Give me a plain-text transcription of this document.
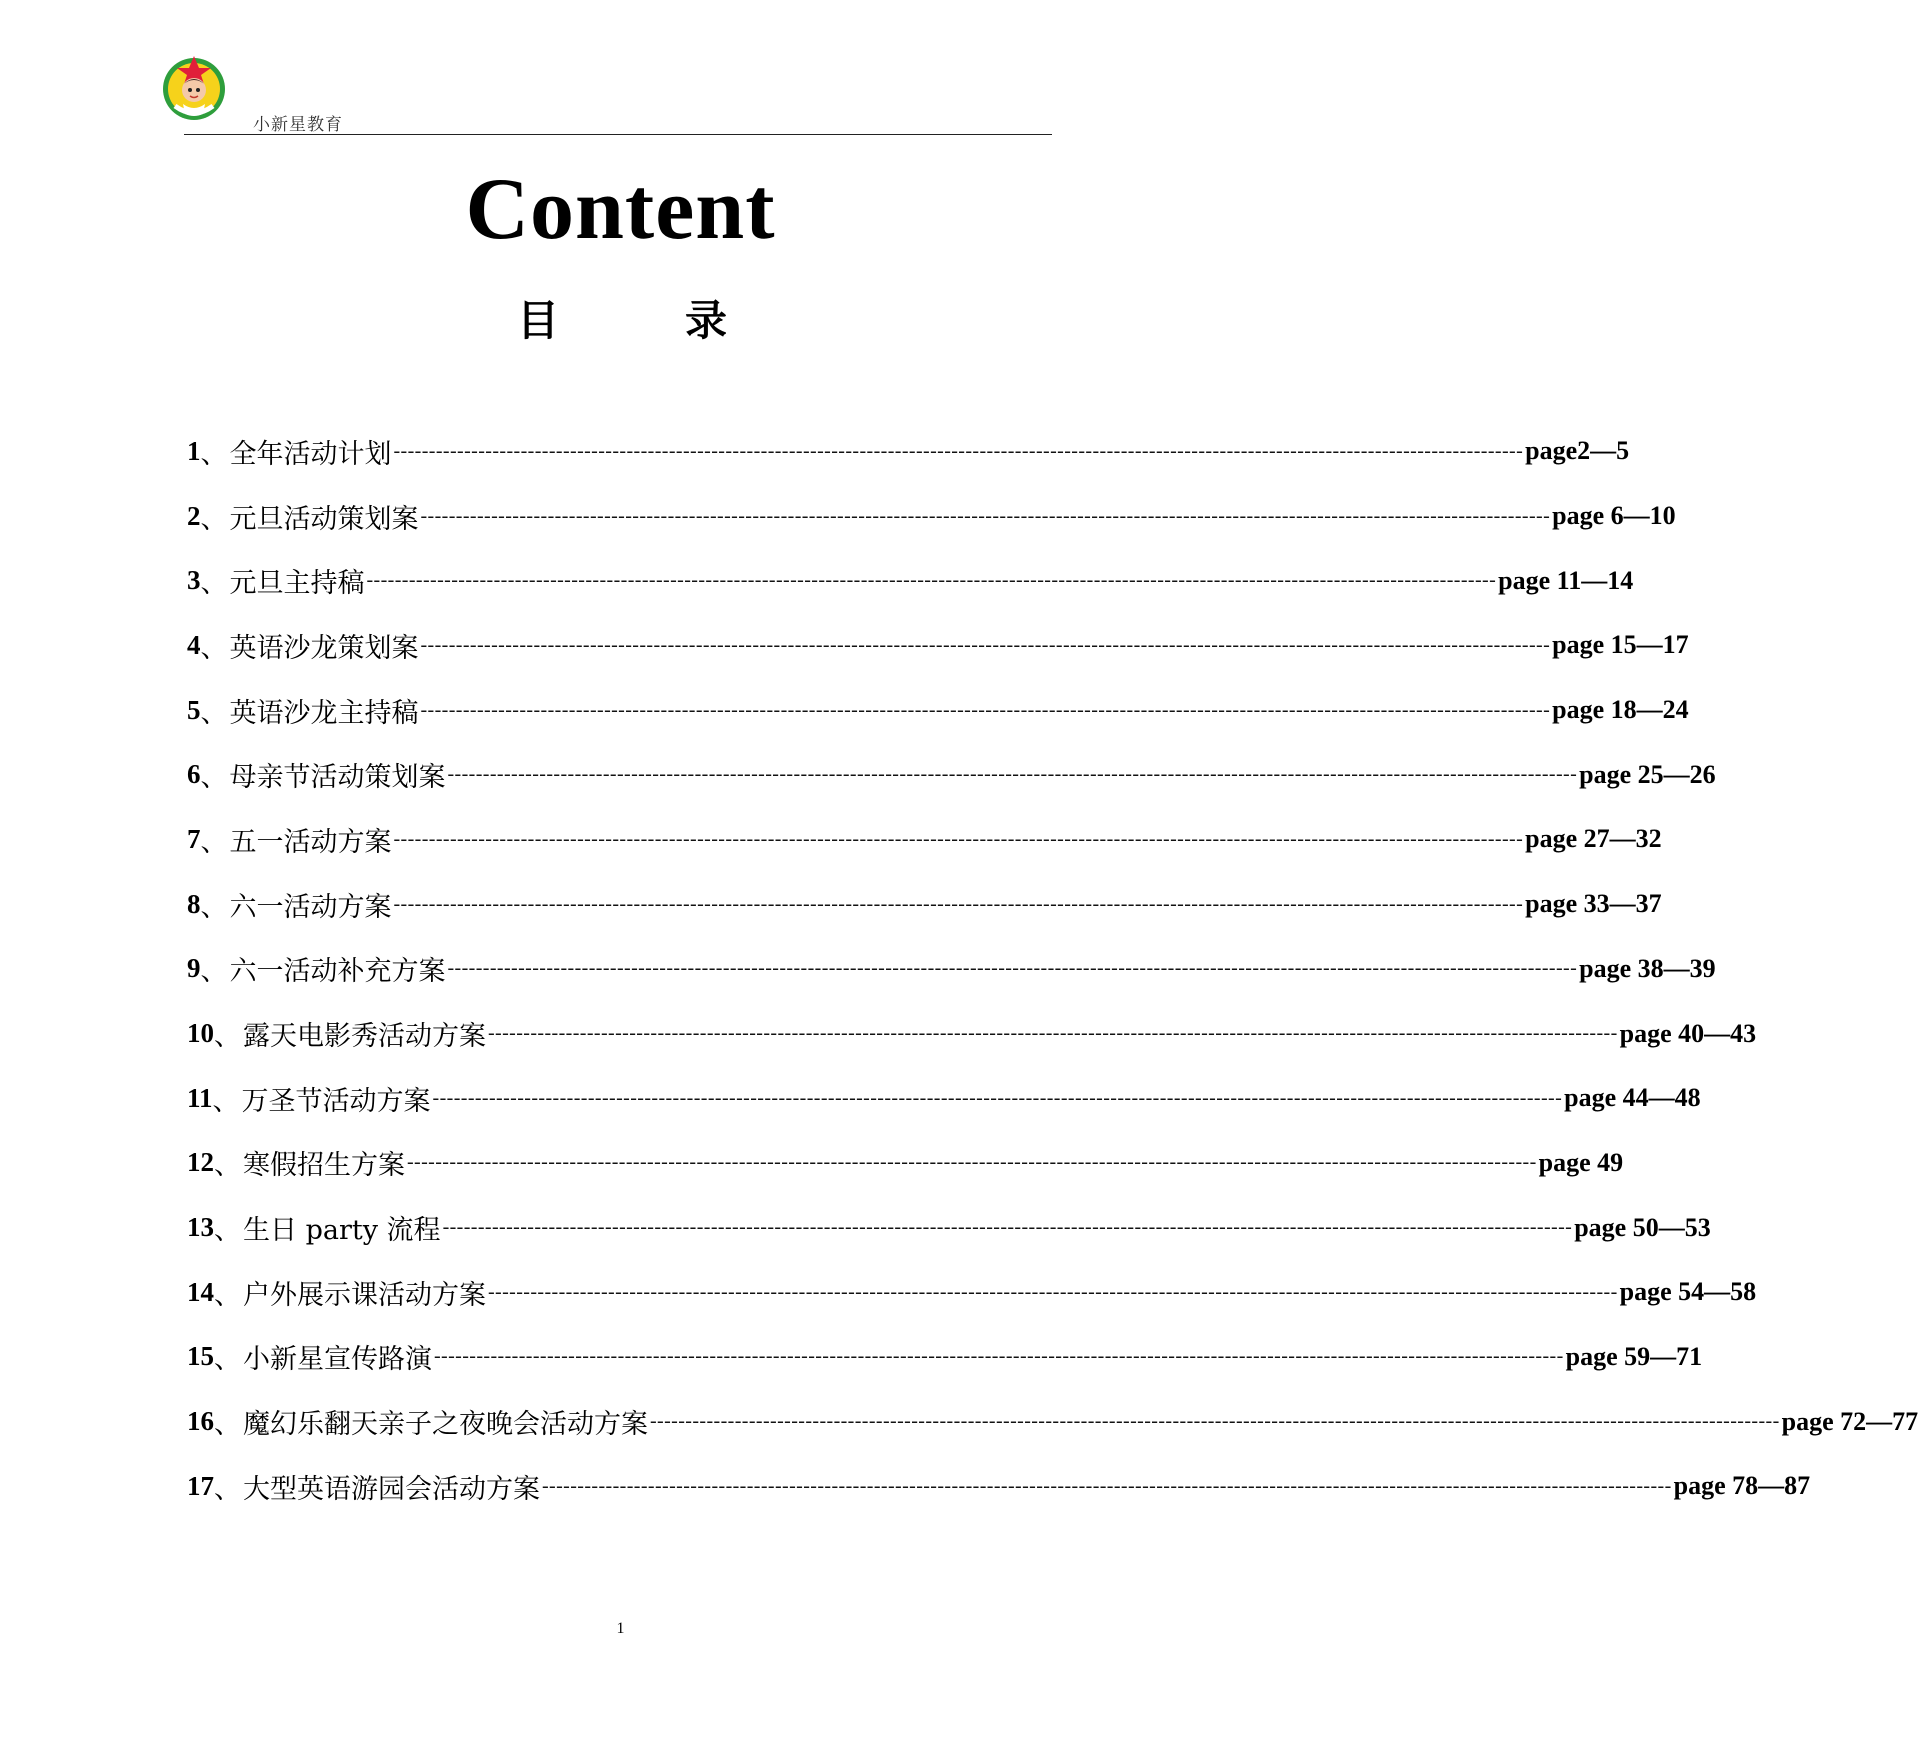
小新星教育
Content
目	录
1 、 全年活动计划 ---------------------------------------------------------------------------------------------------------------------------------------------------------------- page2—5
2 、 元旦活动策划案 ---------------------------------------------------------------------------------------------------------------------------------------------------------------- page 6—10
3 、 元旦主持稿 ---------------------------------------------------------------------------------------------------------------------------------------------------------------- page 11—14
4 、 英语沙龙策划案 ---------------------------------------------------------------------------------------------------------------------------------------------------------------- page 15—17
5 、 英语沙龙主持稿 ---------------------------------------------------------------------------------------------------------------------------------------------------------------- page 18—24
6 、 母亲节活动策划案 ---------------------------------------------------------------------------------------------------------------------------------------------------------------- page 25—26
7 、 五一活动方案 ---------------------------------------------------------------------------------------------------------------------------------------------------------------- page 27—32
8 、 六一活动方案 ---------------------------------------------------------------------------------------------------------------------------------------------------------------- page 33—37
9 、 六一活动补充方案 ---------------------------------------------------------------------------------------------------------------------------------------------------------------- page 38—39
10 、 露天电影秀活动方案 ---------------------------------------------------------------------------------------------------------------------------------------------------------------- page 40—43
11 、 万圣节活动方案 ---------------------------------------------------------------------------------------------------------------------------------------------------------------- page 44—48
12 、 寒假招生方案 ---------------------------------------------------------------------------------------------------------------------------------------------------------------- page 49
13 、 生日 party 流程 ---------------------------------------------------------------------------------------------------------------------------------------------------------------- page 50—53
14 、 户外展示课活动方案 ---------------------------------------------------------------------------------------------------------------------------------------------------------------- page 54—58
15 、 小新星宣传路演 ---------------------------------------------------------------------------------------------------------------------------------------------------------------- page 59—71
16 、 魔幻乐翻天亲子之夜晚会活动方案 ---------------------------------------------------------------------------------------------------------------------------------------------------------------- page 72—77
17 、 大型英语游园会活动方案 ---------------------------------------------------------------------------------------------------------------------------------------------------------------- page 78—87
1
